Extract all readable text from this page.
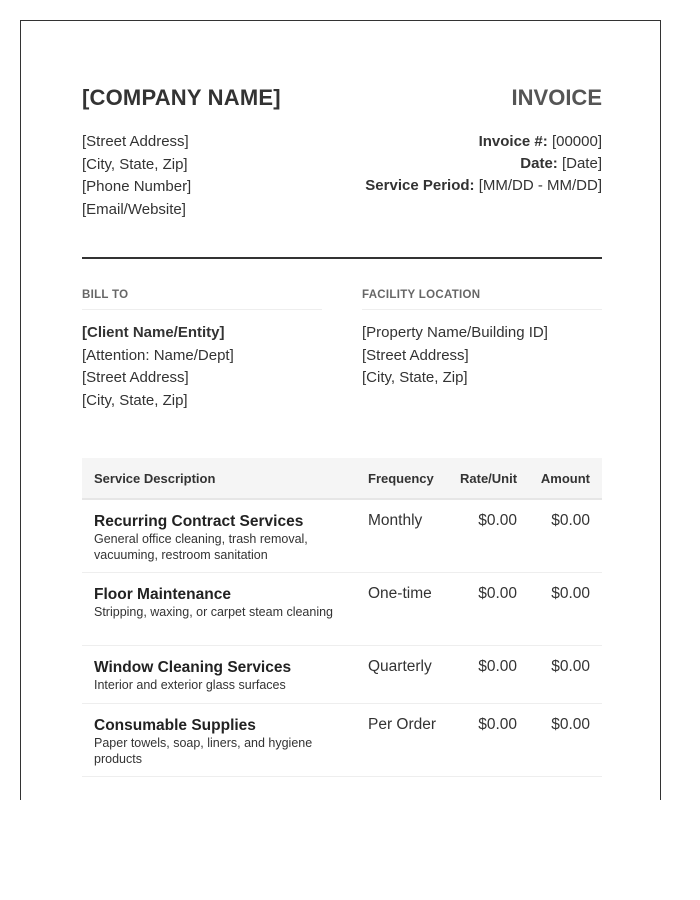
[COMPANY NAME]	INVOICE
[Street Address]
[City, State, Zip]
[Phone Number]
[Email/Website]
Invoice #: [00000]
Date: [Date]
Service Period: [MM/DD - MM/DD]
BILL TO	FACILITY LOCATION
[Client Name/Entity]
[Attention: Name/Dept]
[Street Address]
[City, State, Zip]
[Property Name/Building ID]
[Street Address]
[City, State, Zip]
Service Description	Frequency Rate/Unit Amount
Recurring Contract Services
General office cleaning, trash removal, vacuuming, restroom sanitation
Monthly	$0.00 $0.00
Floor Maintenance
Stripping, waxing, or carpet steam cleaning
One-time	$0.00 $0.00
Window Cleaning Services
Interior and exterior glass surfaces
Quarterly	$0.00 $0.00
Consumable Supplies
Paper towels, soap, liners, and hygiene products
Per Order	$0.00 $0.00
